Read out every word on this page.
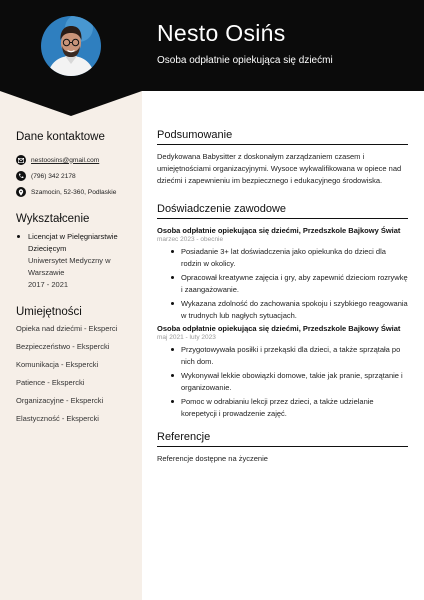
Nesto Osińs
Osoba odpłatnie opiekująca się dziećmi
Dane kontaktowe
nestoosins@gmail.com
(796) 342 2178
Szamocin, 52-360, Podlaskie
Wykształcenie
Licencjat w Pielęgniarstwie Dziecięcym
Uniwersytet Medyczny w Warszawie
2017 - 2021
Umiejętności
Opieka nad dziećmi - Eksperci
Bezpieczeństwo - Ekspercki
Komunikacja - Ekspercki
Patience - Ekspercki
Organizacyjne - Ekspercki
Elastyczność - Ekspercki
Podsumowanie
Dedykowana Babysitter z doskonałym zarządzaniem czasem i umiejętnościami organizacyjnymi. Wysoce wykwalifikowana w opiece nad dziećmi i zapewnieniu im bezpiecznego i edukacyjnego środowiska.
Doświadczenie zawodowe
Osoba odpłatnie opiekująca się dziećmi, Przedszkole Bajkowy Świat
marzec 2023 - obecnie
Posiadanie 3+ lat doświadczenia jako opiekunka do dzieci dla rodzin w okolicy.
Opracował kreatywne zajęcia i gry, aby zapewnić dzieciom rozrywkę i zaangażowanie.
Wykazana zdolność do zachowania spokoju i szybkiego reagowania w trudnych lub nagłych sytuacjach.
Osoba odpłatnie opiekująca się dziećmi, Przedszkole Bajkowy Świat
maj 2021 - luty 2023
Przygotowywała posiłki i przekąski dla dzieci, a także sprzątała po nich dom.
Wykonywał lekkie obowiązki domowe, takie jak pranie, sprzątanie i organizowanie.
Pomoc w odrabianiu lekcji przez dzieci, a także udzielanie korepetycji i prowadzenie zajęć.
Referencje
Referencje dostępne na życzenie
